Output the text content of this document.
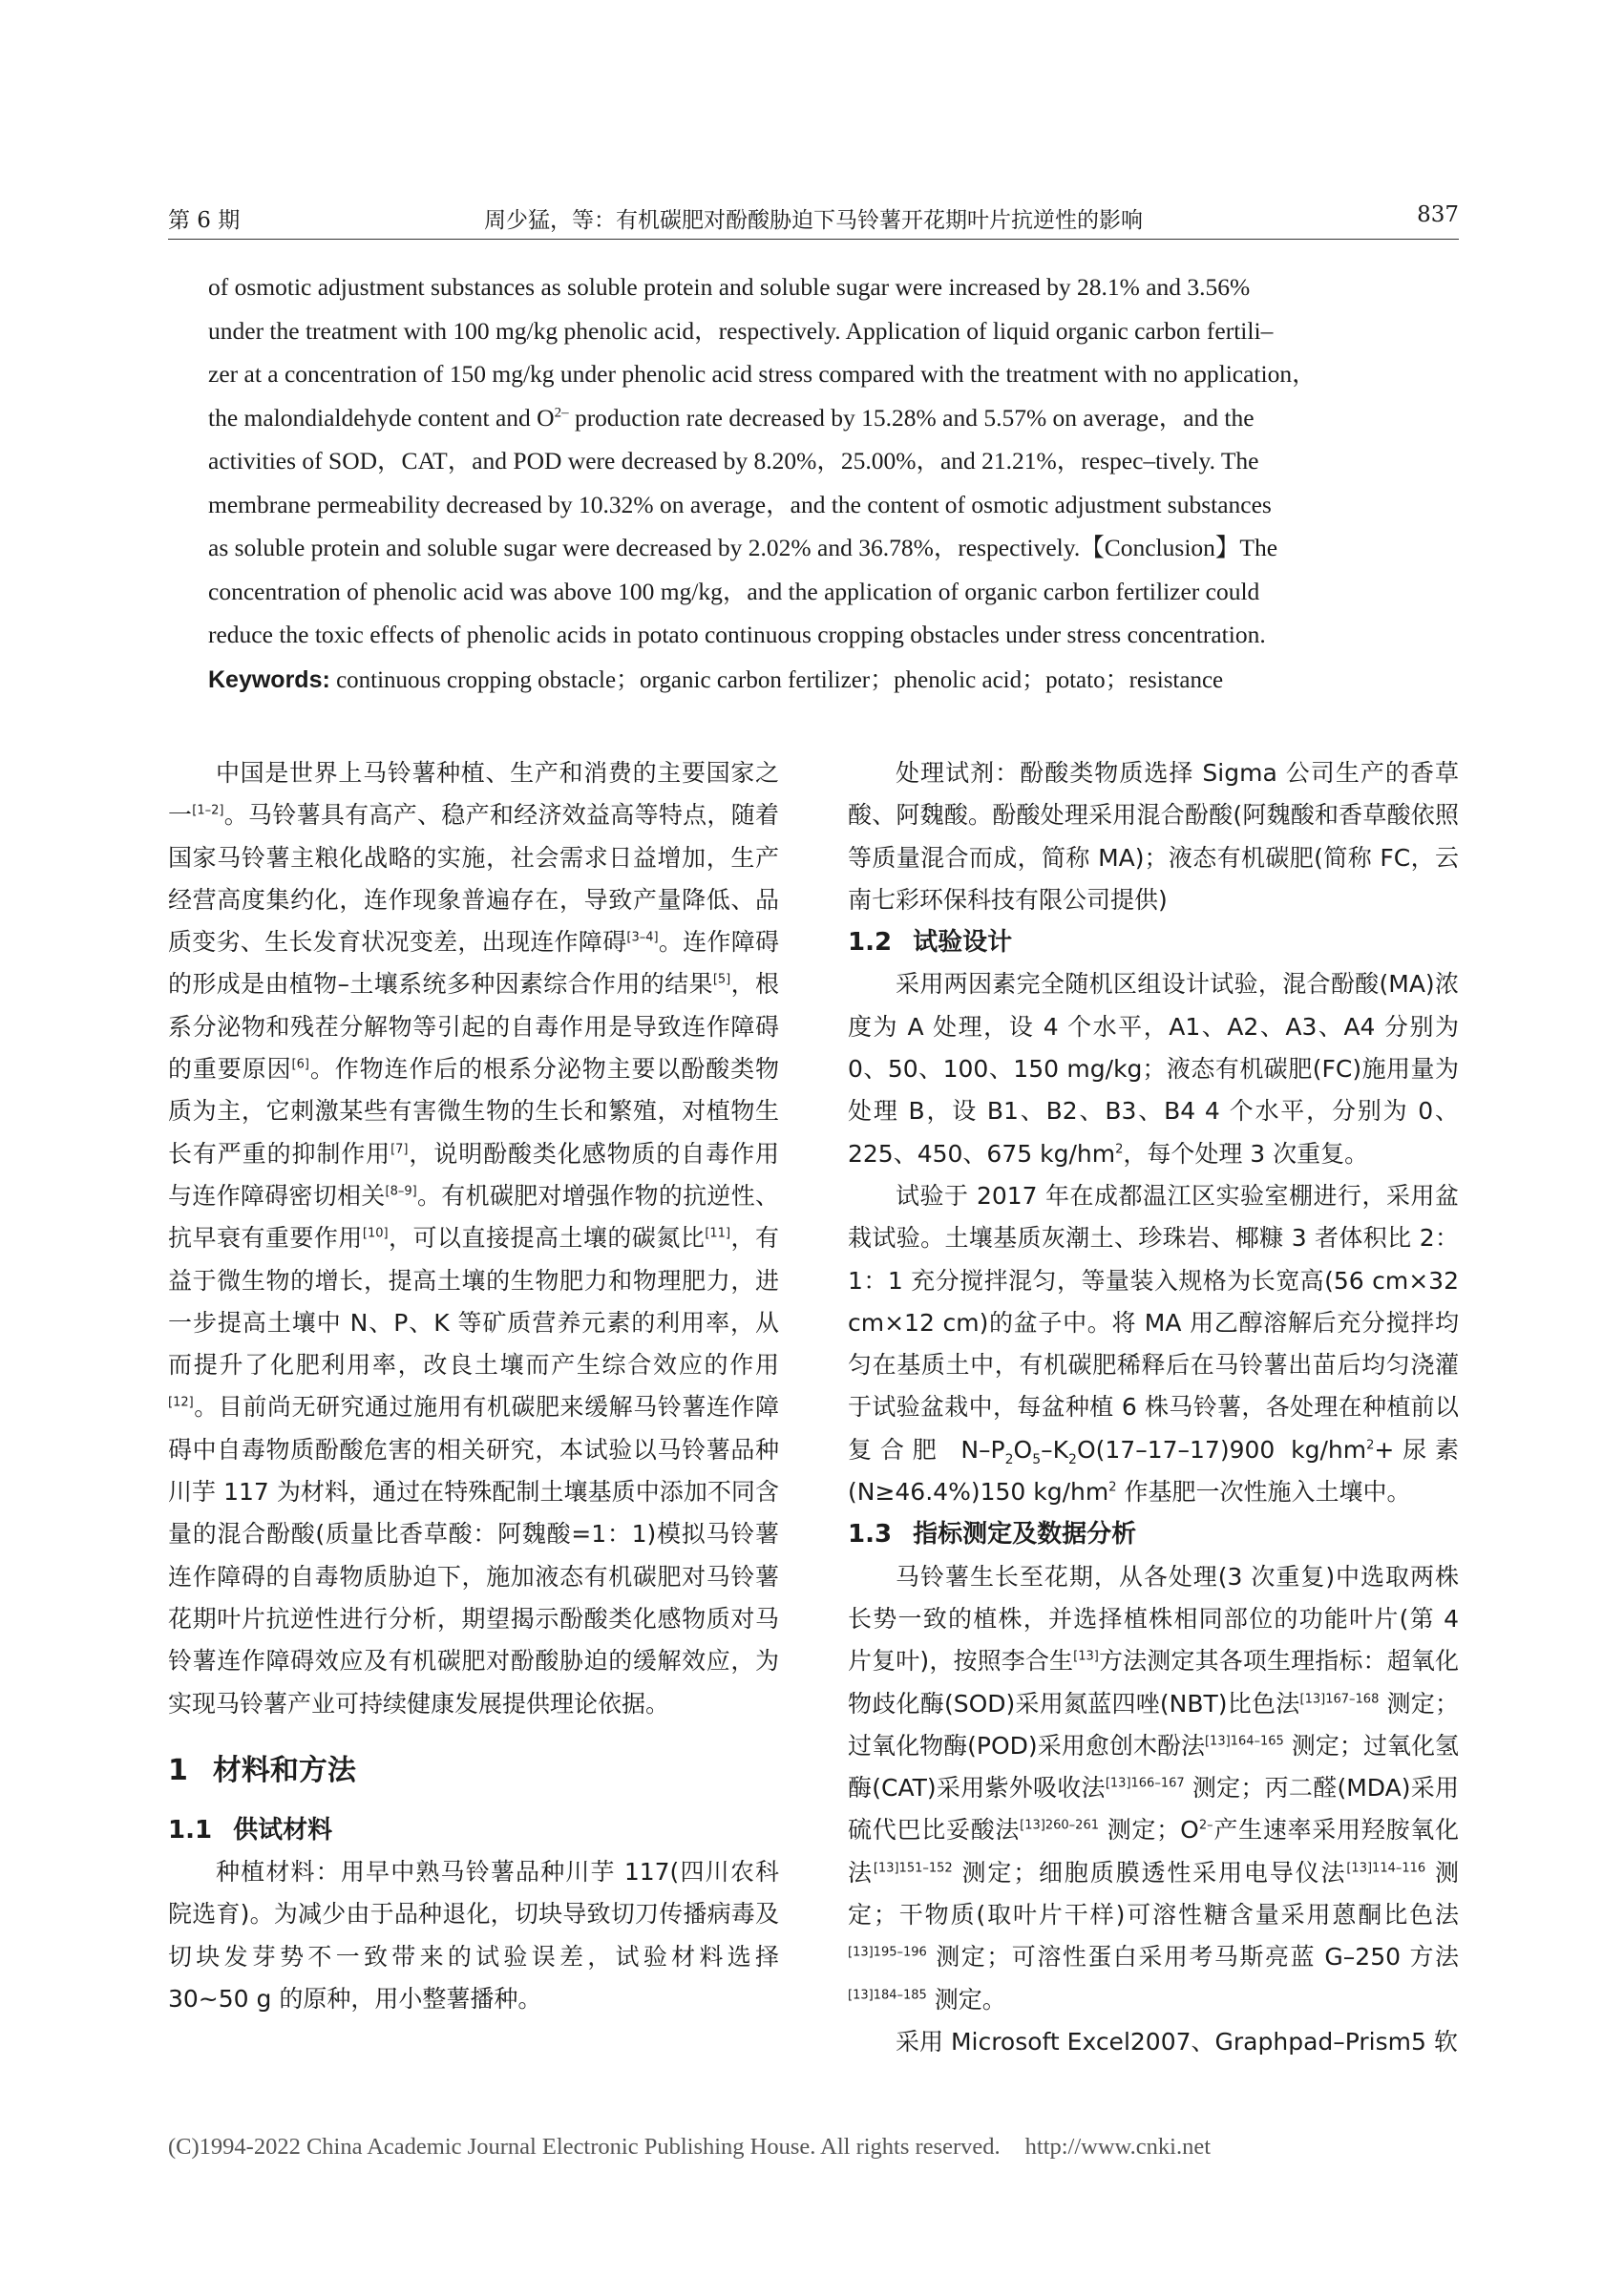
第 6 期	周少猛，等：有机碳肥对酚酸胁迫下马铃薯开花期叶片抗逆性的影响	837

of osmotic adjustment substances as soluble protein and soluble sugar were increased by 28.1% and 3.56%

under the treatment with 100 mg/kg phenolic acid，respectively. Application of liquid organic carbon fertili–

zer at a concentration of 150 mg/kg under phenolic acid stress compared with the treatment with no application，

the malondialdehyde content and $O^{2-}$ production rate decreased by 15.28% and 5.57% on average，and the

activities of SOD，CAT，and POD were decreased by 8.20%，25.00%，and 21.21%，respec–tively. The

membrane permeability decreased by 10.32% on average，and the content of osmotic adjustment substances

as soluble protein and soluble sugar were decreased by 2.02% and 36.78%，respectively.【Conclusion】The

concentration of phenolic acid was above 100 mg/kg，and the application of organic carbon fertilizer could

reduce the toxic effects of phenolic acids in potato continuous cropping obstacles under stress concentration.

Keywords: continuous cropping obstacle；organic carbon fertilizer；phenolic acid；potato；resistance

中国是世界上马铃薯种植、生产和消费的主要国家之一[1–2]。马铃薯具有高产、稳产和经济效益高等特点，随着国家马铃薯主粮化战略的实施，社会需求日益增加，生产经营高度集约化，连作现象普遍存在，导致产量降低、品质变劣、生长发育状况变差，出现连作障碍[3–4]。连作障碍的形成是由植物–土壤系统多种因素综合作用的结果[5]，根系分泌物和残茬分解物等引起的自毒作用是导致连作障碍的重要原因[6]。作物连作后的根系分泌物主要以酚酸类物质为主，它刺激某些有害微生物的生长和繁殖，对植物生长有严重的抑制作用[7]，说明酚酸类化感物质的自毒作用与连作障碍密切相关[8–9]。有机碳肥对增强作物的抗逆性、抗早衰有重要作用[10]，可以直接提高土壤的碳氮比[11]，有益于微生物的增长，提高土壤的生物肥力和物理肥力，进一步提高土壤中 N、P、K 等矿质营养元素的利用率，从而提升了化肥利用率，改良土壤而产生综合效应的作用[12]。目前尚无研究通过施用有机碳肥来缓解马铃薯连作障碍中自毒物质酚酸危害的相关研究，本试验以马铃薯品种川芋 117 为材料，通过在特殊配制土壤基质中添加不同含量的混合酚酸(质量比香草酸：阿魏酸=1：1)模拟马铃薯连作障碍的自毒物质胁迫下，施加液态有机碳肥对马铃薯花期叶片抗逆性进行分析，期望揭示酚酸类化感物质对马铃薯连作障碍效应及有机碳肥对酚酸胁迫的缓解效应，为实现马铃薯产业可持续健康发展提供理论依据。

1 材料和方法
1.1 供试材料

种植材料：用早中熟马铃薯品种川芋 117(四川农科院选育)。为减少由于品种退化，切块导致切刀传播病毒及切块发芽势不一致带来的试验误差，试验材料选择 30~50 g 的原种，用小整薯播种。

处理试剂：酚酸类物质选择 Sigma 公司生产的香草酸、阿魏酸。酚酸处理采用混合酚酸(阿魏酸和香草酸依照等质量混合而成，简称 MA)；液态有机碳肥(简称 FC，云南七彩环保科技有限公司提供)

1.2 试验设计

采用两因素完全随机区组设计试验，混合酚酸(MA)浓度为 A 处理，设 4 个水平，A1、A2、A3、A4 分别为 0、50、100、150 mg/kg；液态有机碳肥(FC)施用量为处理 B，设 B1、B2、B3、B4 4 个水平，分别为 0、225、450、675 $kg/hm^2$，每个处理 3 次重复。

试验于 2017 年在成都温江区实验室棚进行，采用盆栽试验。土壤基质灰潮土、珍珠岩、椰糠 3 者体积比 2：1：1 充分搅拌混匀，等量装入规格为长宽高(56 cm×32 cm×12 cm)的盆子中。将 MA 用乙醇溶解后充分搅拌均匀在基质土中，有机碳肥稀释后在马铃薯出苗后均匀浇灌于试验盆栽中，每盆种植 6 株马铃薯，各处理在种植前以复合肥 $N-P_2O_5-K_2O(17-17-17)900$ $kg/hm^2+$尿素(N≥46.4%)150 $kg/hm^2$ 作基肥一次性施入土壤中。

1.3 指标测定及数据分析

马铃薯生长至花期，从各处理(3 次重复)中选取两株长势一致的植株，并选择植株相同部位的功能叶片(第 4 片复叶)，按照李合生[13]方法测定其各项生理指标：超氧化物歧化酶(SOD)采用氮蓝四唑(NBT)比色法$^{[13]167-168}$ 测定；过氧化物酶(POD)采用愈创木酚法$^{[13]164-165}$ 测定；过氧化氢酶(CAT)采用紫外吸收法$^{[13]166-167}$ 测定；丙二醛(MDA)采用硫代巴比妥酸法$^{[13]260-261}$ 测定；$O^{2-}$产生速率采用羟胺氧化法$^{[13]151-152}$ 测定；细胞质膜透性采用电导仪法$^{[13]114-116}$ 测定；干物质(取叶片干样)可溶性糖含量采用蒽酮比色法$^{[13]195-196}$ 测定；可溶性蛋白采用考马斯亮蓝 G–250 方法$^{[13]184-185}$ 测定。

采用 Microsoft Excel2007、Graphpad–Prism5 软

(C)1994-2022 China Academic Journal Electronic Publishing House. All rights reserved. http://www.cnki.net
